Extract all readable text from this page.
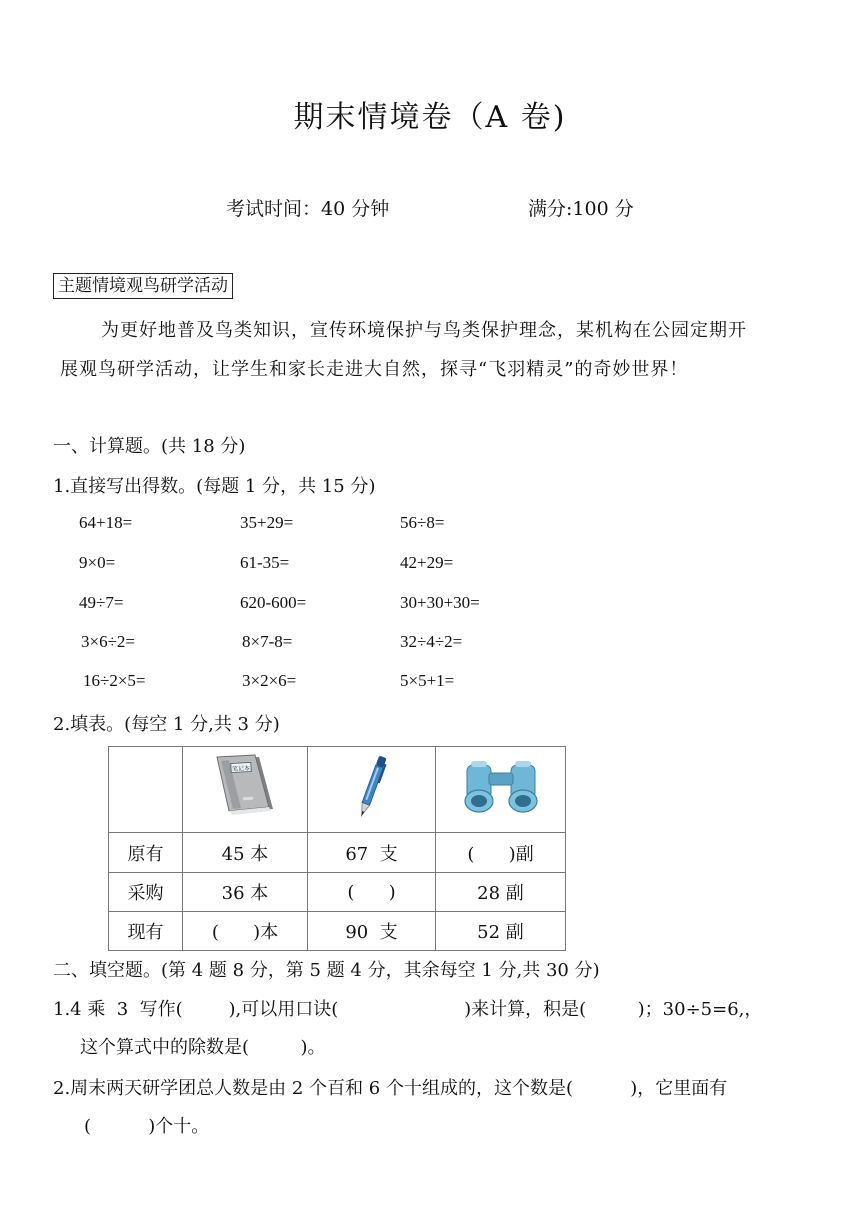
期末情境卷（A 卷)
考试时间：40 分钟	满分:100 分
主题情境观鸟研学活动
为更好地普及鸟类知识，宣传环境保护与鸟类保护理念，某机构在公园定期开
展观鸟研学活动，让学生和家长走进大自然，探寻“飞羽精灵”的奇妙世界！
一、计算题。(共 18 分)
1.直接写出得数。(每题 1 分，共 15 分)
64+18=	35+29=	56÷8=
9×0=	61-35=	42+29=
49÷7=	620-600=	30+30+30=
3×6÷2=	8×7-8=	32÷4÷2=
16÷2×5=	3×2×6=	5×5+1=
2.填表。(每空 1 分,共 3 分)

笔记本

原有	45 本	67  支	(      )副
采购	36 本	(      )	28 副
现有	(      )本	90  支	52 副
二、填空题。(第 4 题 8 分，第 5 题 4 分，其余每空 1 分,共 30 分)
1.4 乘  3  写作(        ),可以用口诀(                      )来计算，积是(         )；30÷5=6,，
这个算式中的除数是(         )。
2.周末两天研学团总人数是由 2 个百和 6 个十组成的，这个数是(          )，它里面有
(          )个十。
